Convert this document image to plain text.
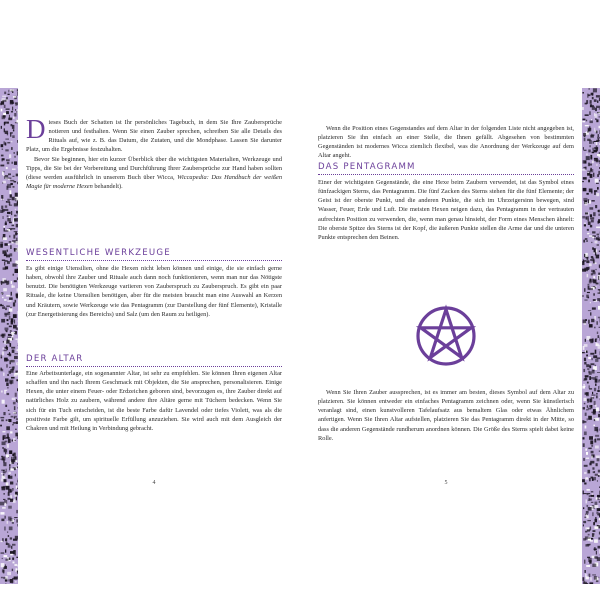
Dieses Buch der Schatten ist Ihr persönliches Tagebuch, in dem Sie Ihre Zaubersprüche notieren und festhalten. Wenn Sie einen Zauber sprechen, schreiben Sie alle Details des Rituals auf, wie z. B. das Datum, die Zutaten, und die Mondphase. Lassen Sie darunter Platz, um die Ergebnisse festzuhalten.

Bevor Sie beginnen, hier ein kurzer Überblick über die wichtigsten Materialien, Werkzeuge und Tipps, die Sie bei der Vorbereitung und Durchführung Ihrer Zaubersprüche zur Hand haben sollten (diese werden ausführlich in unserem Buch über Wicca, Wiccapedia: Das Handbuch der weißen Magie für moderne Hexen behandelt).

WESENTLICHE WERKZEUGE

Es gibt einige Utensilien, ohne die Hexen nicht leben können und einige, die sie einfach gerne haben, obwohl ihre Zauber und Rituale auch dann noch funktionieren, wenn man nur das Nötigste benutzt. Die benötigten Werkzeuge variieren von Zauberspruch zu Zauberspruch. Es gibt ein paar Rituale, die keine Utensilien benötigen, aber für die meisten braucht man eine Auswahl an Kerzen und Kräutern, sowie Werkzeuge wie das Pentagramm (zur Darstellung der fünf Elemente), Kristalle (zur Energetisierung des Bereichs) und Salz (um den Raum zu heiligen).

DER ALTAR

Eine Arbeitsunterlage, ein sogenannter Altar, ist sehr zu empfehlen. Sie können Ihren eigenen Altar schaffen und ihn nach Ihrem Geschmack mit Objekten, die Sie ansprechen, personalisieren. Einige Hexen, die unter einem Feuer- oder Erdzeichen geboren sind, bevorzugen es, ihre Zauber direkt auf natürliches Holz zu zaubern, während andere ihre Altäre gerne mit Tüchern bedecken. Wenn Sie sich für ein Tuch entscheiden, ist die beste Farbe dafür Lavendel oder tiefes Violett, was als die positivste Farbe gilt, um spirituelle Erfüllung anzuziehen. Sie wird auch mit dem Ausgleich der Chakren und mit Heilung in Verbindung gebracht.

4

Wenn die Position eines Gegenstandes auf dem Altar in der folgenden Liste nicht angegeben ist, platzieren Sie ihn einfach an einer Stelle, die Ihnen gefällt. Abgesehen von bestimmten Gegenständen ist modernes Wicca ziemlich flexibel, was die Anordnung der Werkzeuge auf dem Altar angeht.

DAS PENTAGRAMM

Einer der wichtigsten Gegenstände, die eine Hexe beim Zaubern verwendet, ist das Symbol eines fünfzackigen Sterns, das Pentagramm. Die fünf Zacken des Sterns stehen für die fünf Elemente; der Geist ist der oberste Punkt, und die anderen Punkte, die sich im Uhrzeigersinn bewegen, sind Wasser, Feuer, Erde und Luft. Die meisten Hexen neigen dazu, das Pentagramm in der vertrauten aufrechten Position zu verwenden, die, wenn man genau hinsieht, der Form eines Menschen ähnelt: Die oberste Spitze des Sterns ist der Kopf, die äußeren Punkte stellen die Arme dar und die unteren Punkte entsprechen den Beinen.

Wenn Sie Ihren Zauber aussprechen, ist es immer am besten, dieses Symbol auf dem Altar zu platzieren. Sie können entweder ein einfaches Pentagramm zeichnen oder, wenn Sie künstlerisch veranlagt sind, einen kunstvolleren Tafelaufsatz aus bemaltem Glas oder etwas Ähnlichem anfertigen. Wenn Sie Ihren Altar aufstellen, platzieren Sie das Pentagramm direkt in der Mitte, so dass die anderen Gegenstände rundherum anordnen können. Die Größe des Sterns spielt dabei keine Rolle.

5
